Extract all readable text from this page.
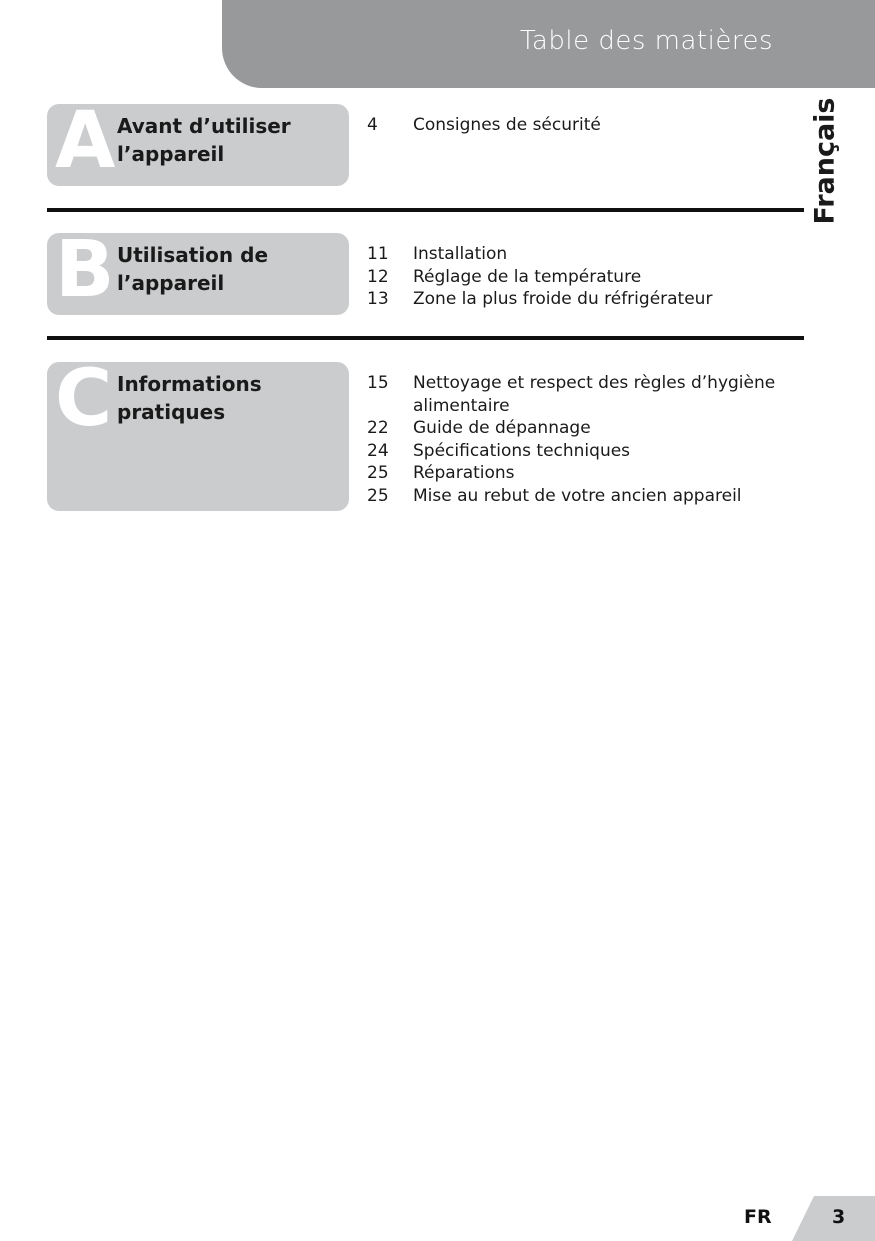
Table des matières
Français
A Avant d’utiliser l’appareil
4	Consignes de sécurité
B Utilisation de l’appareil
11	Installation
12	Réglage de la température
13	Zone la plus froide du réfrigérateur
C Informations pratiques
15	Nettoyage et respect des règles d’hygiène alimentaire
22	Guide de dépannage
24	Spécifications techniques
25	Réparations
25	Mise au rebut de votre ancien appareil
FR	3
